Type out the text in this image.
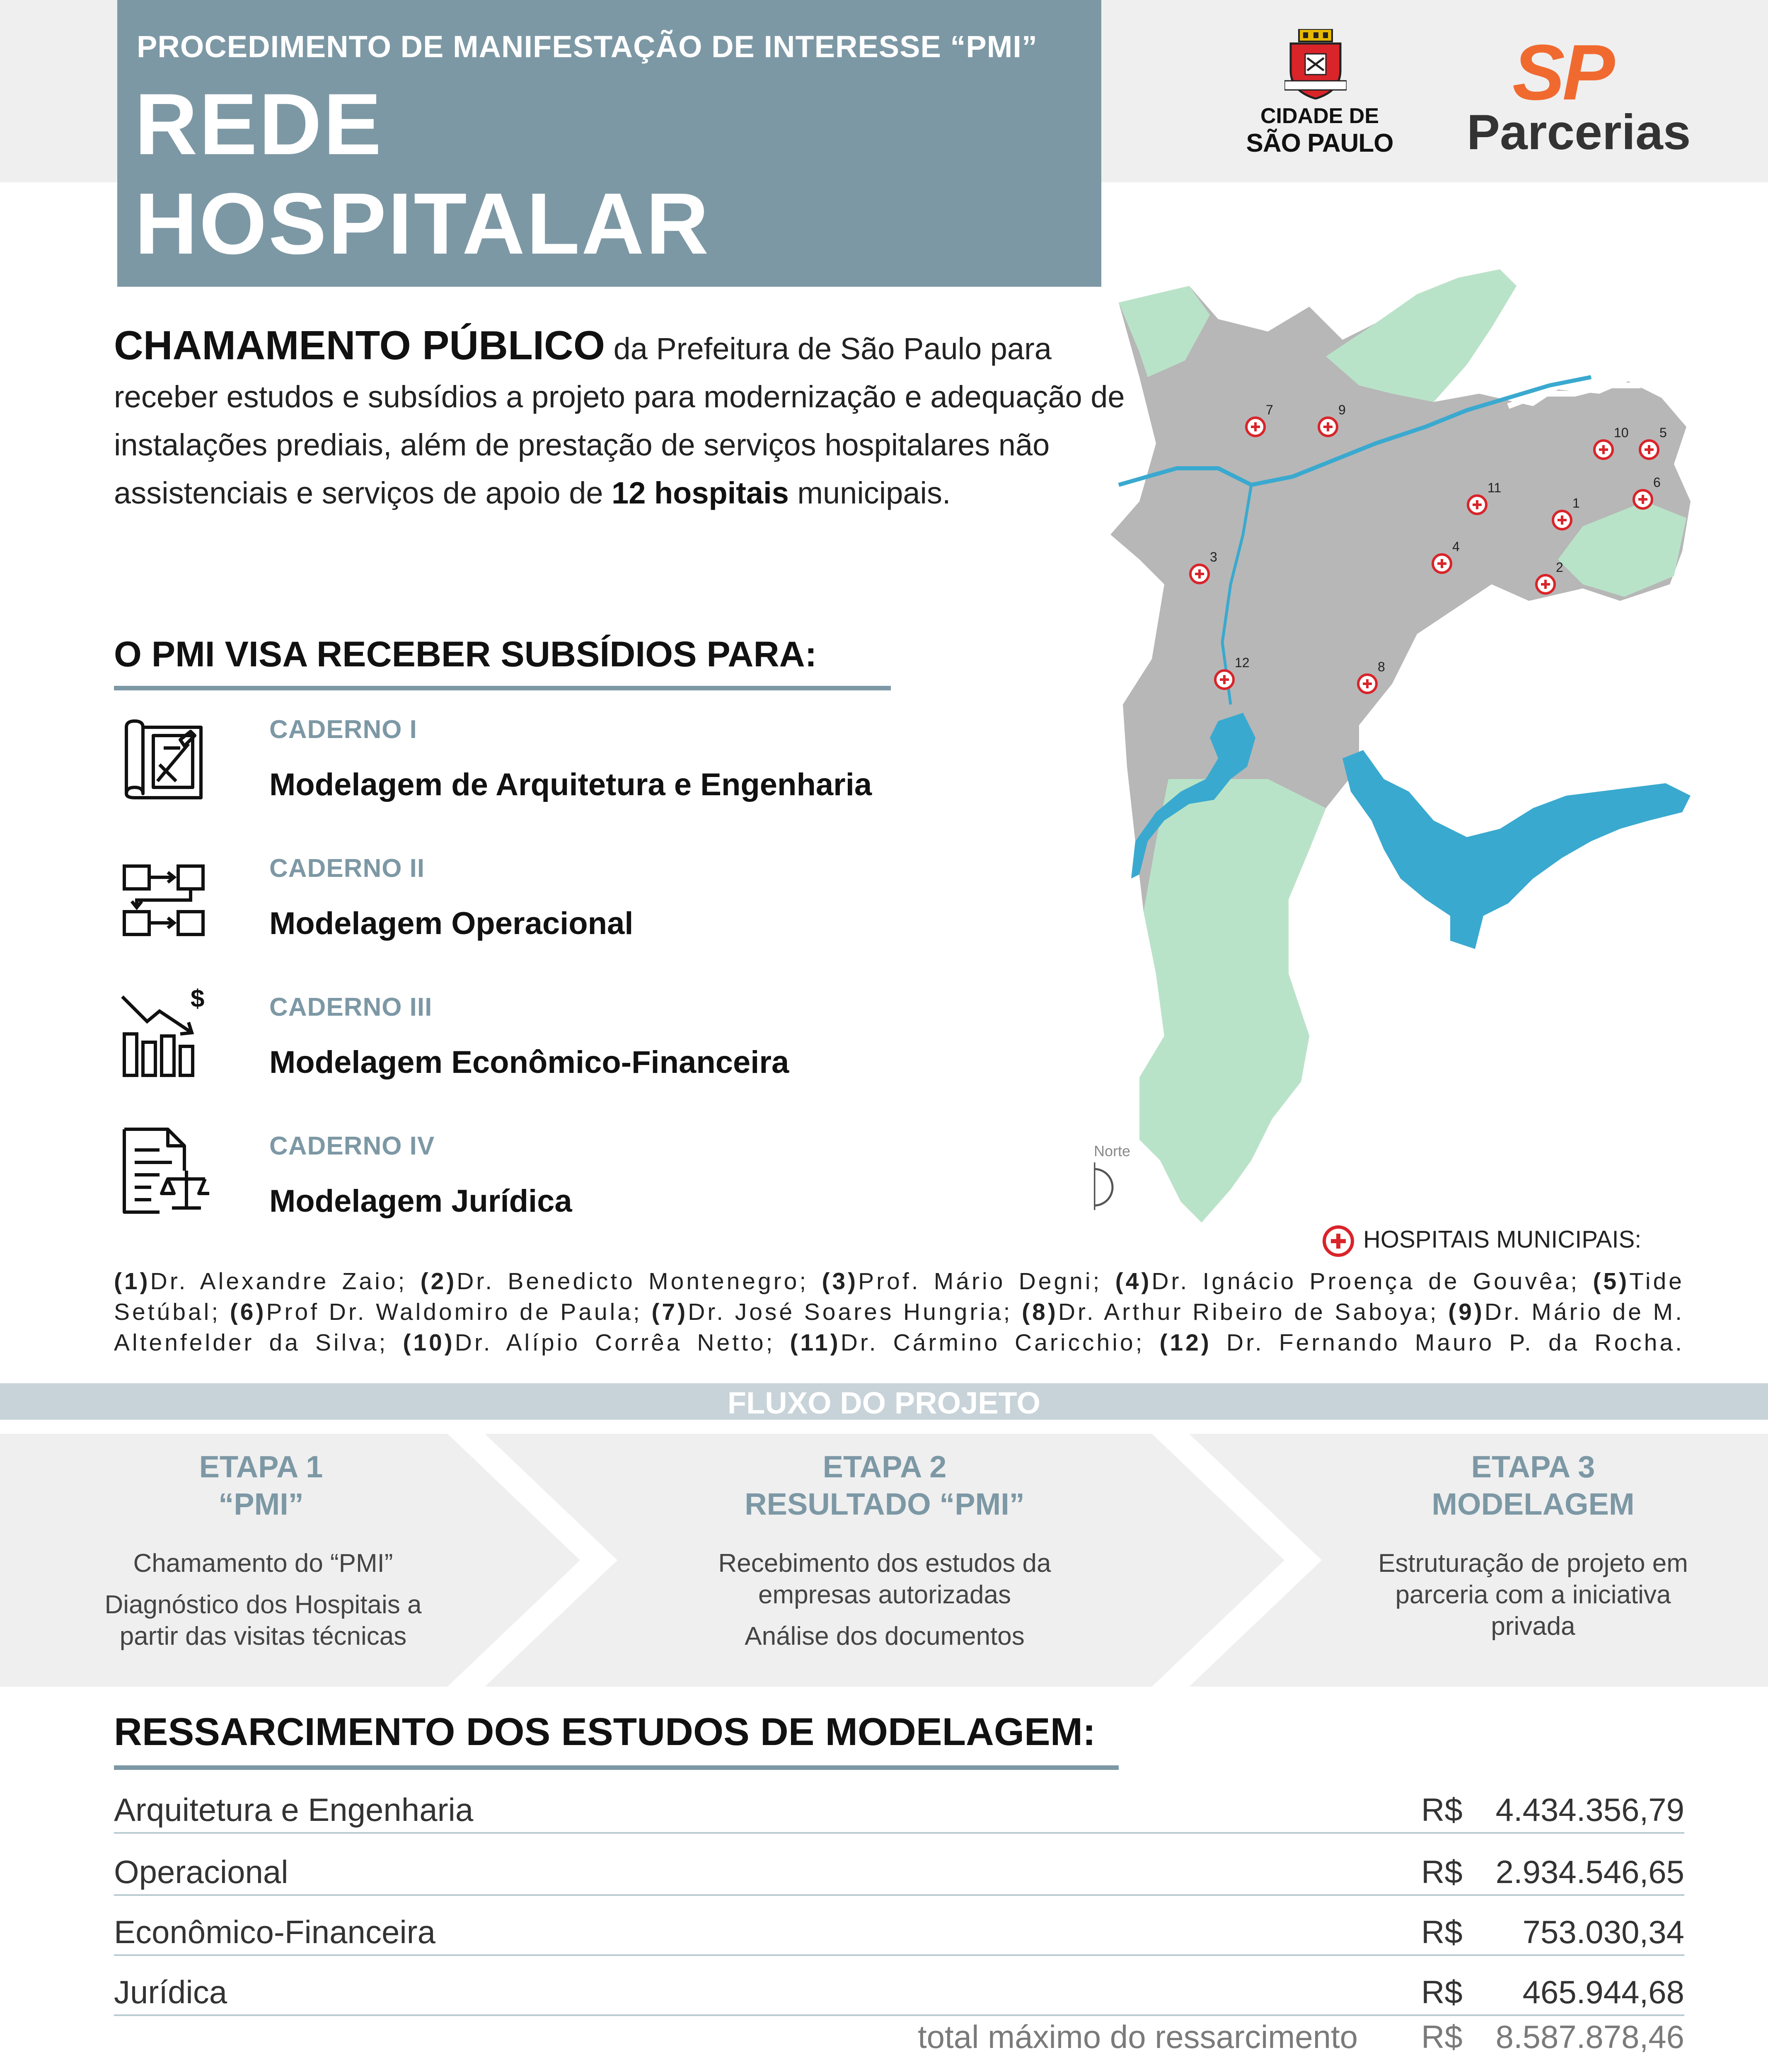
PROCEDIMENTO DE MANIFESTAÇÃO DE INTERESSE “PMI”
REDE
HOSPITALAR
CIDADE DE
SÃO PAULO
SP
Parcerias
CHAMAMENTO PÚBLICO da Prefeitura de São Paulo para receber estudos e subsídios a projeto para modernização e adequação de instalações prediais, além de prestação de serviços hospitalares não assistenciais e serviços de apoio de 12 hospitais municipais.
O PMI VISA RECEBER SUBSÍDIOS PARA:
CADERNO I
Modelagem de Arquitetura e Engenharia
CADERNO II
Modelagem Operacional
$	CADERNO III
Modelagem Econômico-Financeira
CADERNO IV
Modelagem Jurídica
7	9
10 5
6
11
1
4
2
3
12	8
Norte
HOSPITAIS MUNICIPAIS:
(1)Dr. Alexandre Zaio; (2)Dr. Benedicto Montenegro; (3)Prof. Mário Degni; (4)Dr. Ignácio Proença de Gouvêa; (5)Tide Setúbal; (6)Prof Dr. Waldomiro de Paula; (7)Dr. José Soares Hungria; (8)Dr. Arthur Ribeiro de Saboya; (9)Dr. Mário de M. Altenfelder da Silva; (10)Dr. Alípio Corrêa Netto; (11)Dr. Cármino Caricchio; (12) Dr. Fernando Mauro P. da Rocha.
FLUXO DO PROJETO
ETAPA 1
“PMI”
Chamamento do “PMI”
Diagnóstico dos Hospitais a partir das visitas técnicas
ETAPA 2
RESULTADO “PMI”
Recebimento dos estudos da empresas autorizadas
Análise dos documentos
ETAPA 3
MODELAGEM
Estruturação de projeto em parceria com a iniciativa privada
RESSARCIMENTO DOS ESTUDOS DE MODELAGEM:
Arquitetura e Engenharia	R$ 4.434.356,79
Operacional	R$ 2.934.546,65
Econômico-Financeira	R$ 753.030,34
Jurídica	R$ 465.944,68
total máximo do ressarcimento R$ 8.587.878,46
